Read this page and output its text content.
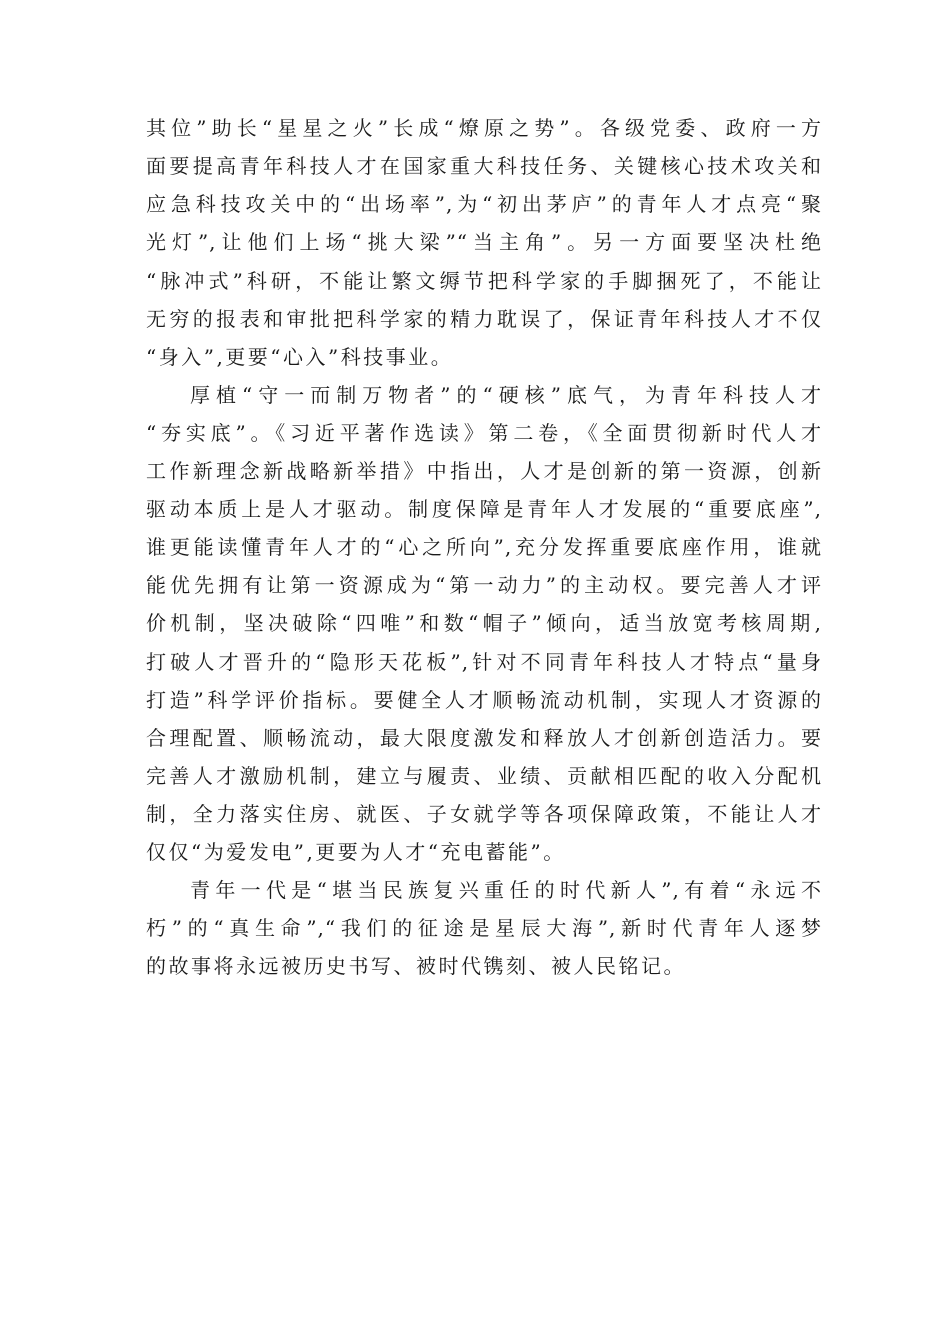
其位”助长“星星之火”长成“燎原之势”。各级党委、政府一方
面要提高青年科技人才在国家重大科技任务、关键核心技术攻关和
应急科技攻关中的“出场率”,为“初出茅庐”的青年人才点亮“聚
光灯”,让他们上场“挑大梁”“当主角”。另一方面要坚决杜绝
“脉冲式”科研，不能让繁文缛节把科学家的手脚捆死了，不能让
无穷的报表和审批把科学家的精力耽误了，保证青年科技人才不仅
“身入”,更要“心入”科技事业。
厚植“守一而制万物者”的“硬核”底气，为青年科技人才
“夯实底”。《习近平著作选读》第二卷，《全面贯彻新时代人才
工作新理念新战略新举措》中指出，人才是创新的第一资源，创新
驱动本质上是人才驱动。制度保障是青年人才发展的“重要底座”,
谁更能读懂青年人才的“心之所向”,充分发挥重要底座作用，谁就
能优先拥有让第一资源成为“第一动力”的主动权。要完善人才评
价机制，坚决破除“四唯”和数“帽子”倾向，适当放宽考核周期,
打破人才晋升的“隐形天花板”,针对不同青年科技人才特点“量身
打造”科学评价指标。要健全人才顺畅流动机制，实现人才资源的
合理配置、顺畅流动，最大限度激发和释放人才创新创造活力。要
完善人才激励机制，建立与履责、业绩、贡献相匹配的收入分配机
制，全力落实住房、就医、子女就学等各项保障政策，不能让人才
仅仅“为爱发电”,更要为人才“充电蓄能”。
青年一代是“堪当民族复兴重任的时代新人”,有着“永远不
朽”的“真生命”,“我们的征途是星辰大海”,新时代青年人逐梦
的故事将永远被历史书写、被时代镌刻、被人民铭记。
